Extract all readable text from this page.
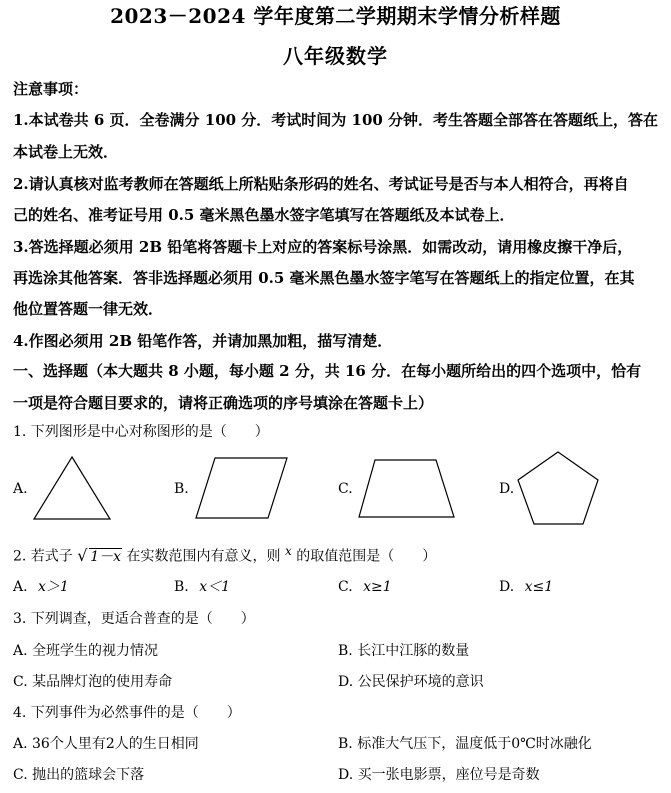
2023－2024 学年度第二学期期末学情分析样题
八年级数学
注意事项：
1.本试卷共 6 页．全卷满分 100 分．考试时间为 100 分钟．考生答题全部答在答题纸上，答在
本试卷上无效．
2.请认真核对监考教师在答题纸上所粘贴条形码的姓名、考试证号是否与本人相符合，再将自
己的姓名、准考证号用 0.5 毫米黑色墨水签字笔填写在答题纸及本试卷上．
3.答选择题必须用 2B 铅笔将答题卡上对应的答案标号涂黑．如需改动，请用橡皮擦干净后，
再选涂其他答案．答非选择题必须用 0.5 毫米黑色墨水签字笔写在答题纸上的指定位置，在其
他位置答题一律无效．
4.作图必须用 2B 铅笔作答，并请加黑加粗，描写清楚．
一、选择题（本大题共 8 小题，每小题 2 分，共 16 分．在每小题所给出的四个选项中，恰有
一项是符合题目要求的，请将正确选项的序号填涂在答题卡上）
1. 下列图形是中心对称图形的是（　　）
A.	B.	C.	D.
2. 若式子 √ 1－x 在实数范围内有意义，则 x 的取值范围是（　　）
A. x＞1	B. x＜1	C. x≥1	D. x≤1
3. 下列调查，更适合普查的是（　　）
A. 全班学生的视力情况	B. 长江中江豚的数量
C. 某品牌灯泡的使用寿命	D. 公民保护环境的意识
4. 下列事件为必然事件的是（　　）
A. 36个人里有2人的生日相同	B. 标准大气压下，温度低于0℃时冰融化
C. 抛出的篮球会下落	D. 买一张电影票，座位号是奇数
